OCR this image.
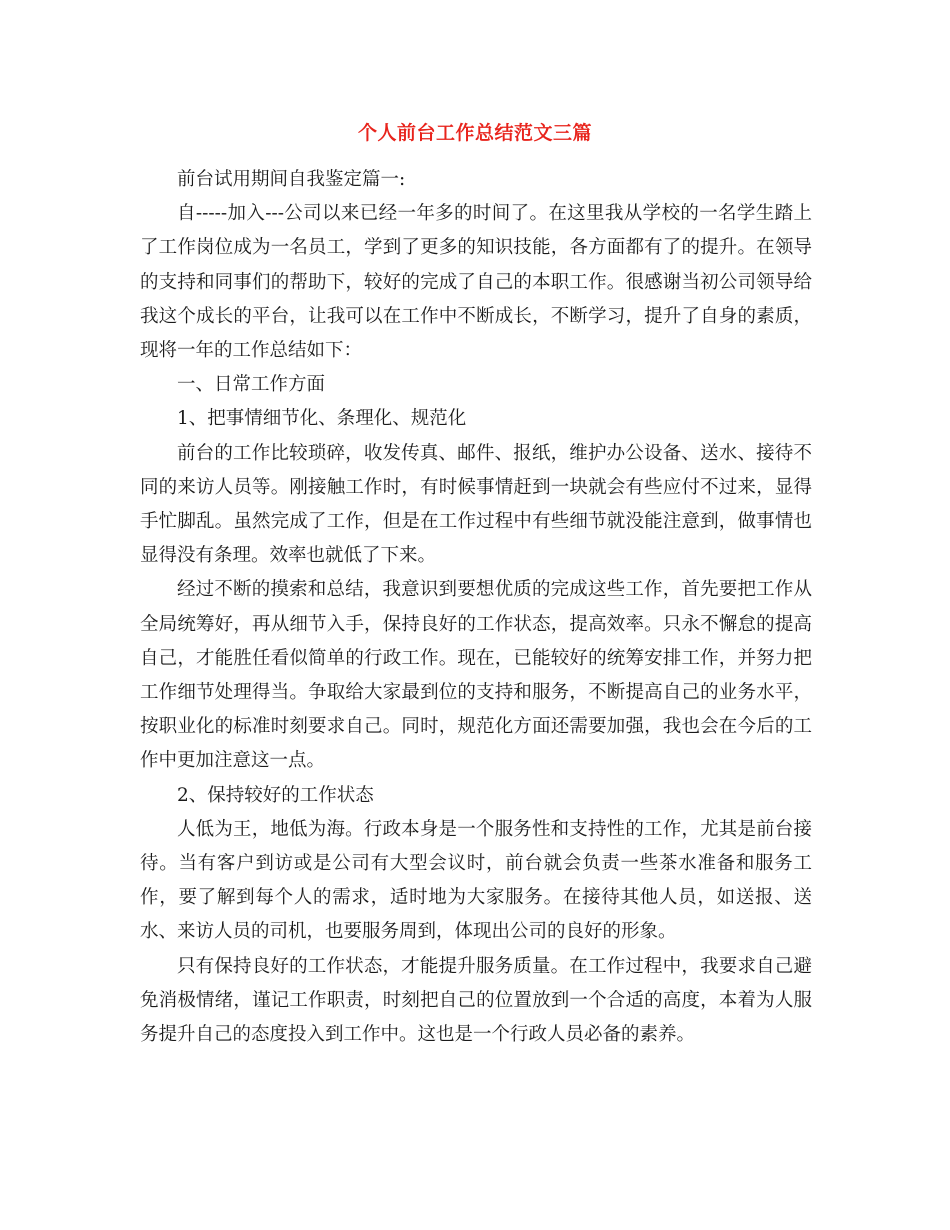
个人前台工作总结范文三篇

前台试用期间自我鉴定篇一:

自-----加入---公司以来已经一年多的时间了。在这里我从学校的一名学生踏上了工作岗位成为一名员工，学到了更多的知识技能，各方面都有了的提升。在领导的支持和同事们的帮助下，较好的完成了自己的本职工作。很感谢当初公司领导给我这个成长的平台，让我可以在工作中不断成长，不断学习，提升了自身的素质，现将一年的工作总结如下：

一、日常工作方面

1、把事情细节化、条理化、规范化

前台的工作比较琐碎，收发传真、邮件、报纸，维护办公设备、送水、接待不同的来访人员等。刚接触工作时，有时候事情赶到一块就会有些应付不过来，显得手忙脚乱。虽然完成了工作，但是在工作过程中有些细节就没能注意到，做事情也显得没有条理。效率也就低了下来。

经过不断的摸索和总结，我意识到要想优质的完成这些工作，首先要把工作从全局统筹好，再从细节入手，保持良好的工作状态，提高效率。只永不懈怠的提高自己，才能胜任看似简单的行政工作。现在，已能较好的统筹安排工作，并努力把工作细节处理得当。争取给大家最到位的支持和服务，不断提高自己的业务水平，按职业化的标准时刻要求自己。同时，规范化方面还需要加强，我也会在今后的工作中更加注意这一点。

2、保持较好的工作状态

人低为王，地低为海。行政本身是一个服务性和支持性的工作，尤其是前台接待。当有客户到访或是公司有大型会议时，前台就会负责一些茶水准备和服务工作，要了解到每个人的需求，适时地为大家服务。在接待其他人员，如送报、送水、来访人员的司机，也要服务周到，体现出公司的良好的形象。

只有保持良好的工作状态，才能提升服务质量。在工作过程中，我要求自己避免消极情绪，谨记工作职责，时刻把自己的位置放到一个合适的高度，本着为人服务提升自己的态度投入到工作中。这也是一个行政人员必备的素养。
